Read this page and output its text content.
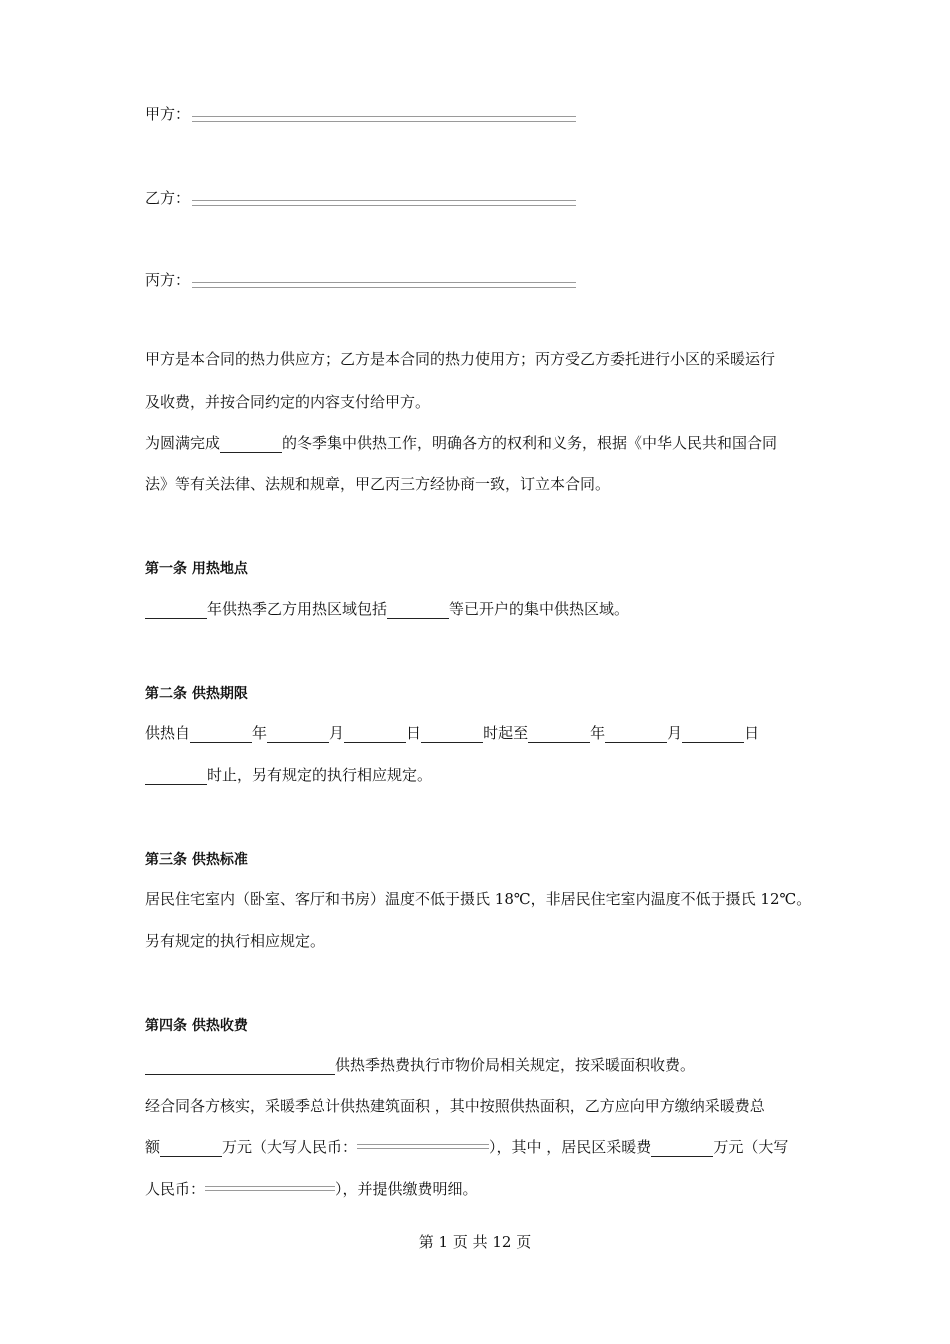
甲方：
乙方：
丙方：
甲方是本合同的热力供应方；乙方是本合同的热力使用方；丙方受乙方委托进行小区的采暖运行
及收费，并按合同约定的内容支付给甲方。
为圆满完成	的冬季集中供热工作，明确各方的权利和义务，根据《中华人民共和国合同
法》等有关法律、法规和规章，甲乙丙三方经协商一致，订立本合同。
第一条 用热地点
年供热季乙方用热区域包括	等已开户的集中供热区域。
第二条 供热期限
供热自	年	月	日	时起至	年	月	日
时止，另有规定的执行相应规定。
第三条 供热标准
居民住宅室内（卧室、客厅和书房）温度不低于摄氏 18℃，非居民住宅室内温度不低于摄氏 12℃。
另有规定的执行相应规定。
第四条 供热收费
供热季热费执行市物价局相关规定，按采暖面积收费。
经合同各方核实，采暖季总计供热建筑面积 ，其中按照供热面积，乙方应向甲方缴纳采暖费总
额	万元（大写人民币：	），其中 ，居民区采暖费	万元（大写
人民币：	），并提供缴费明细。
第 1 页 共 12 页
